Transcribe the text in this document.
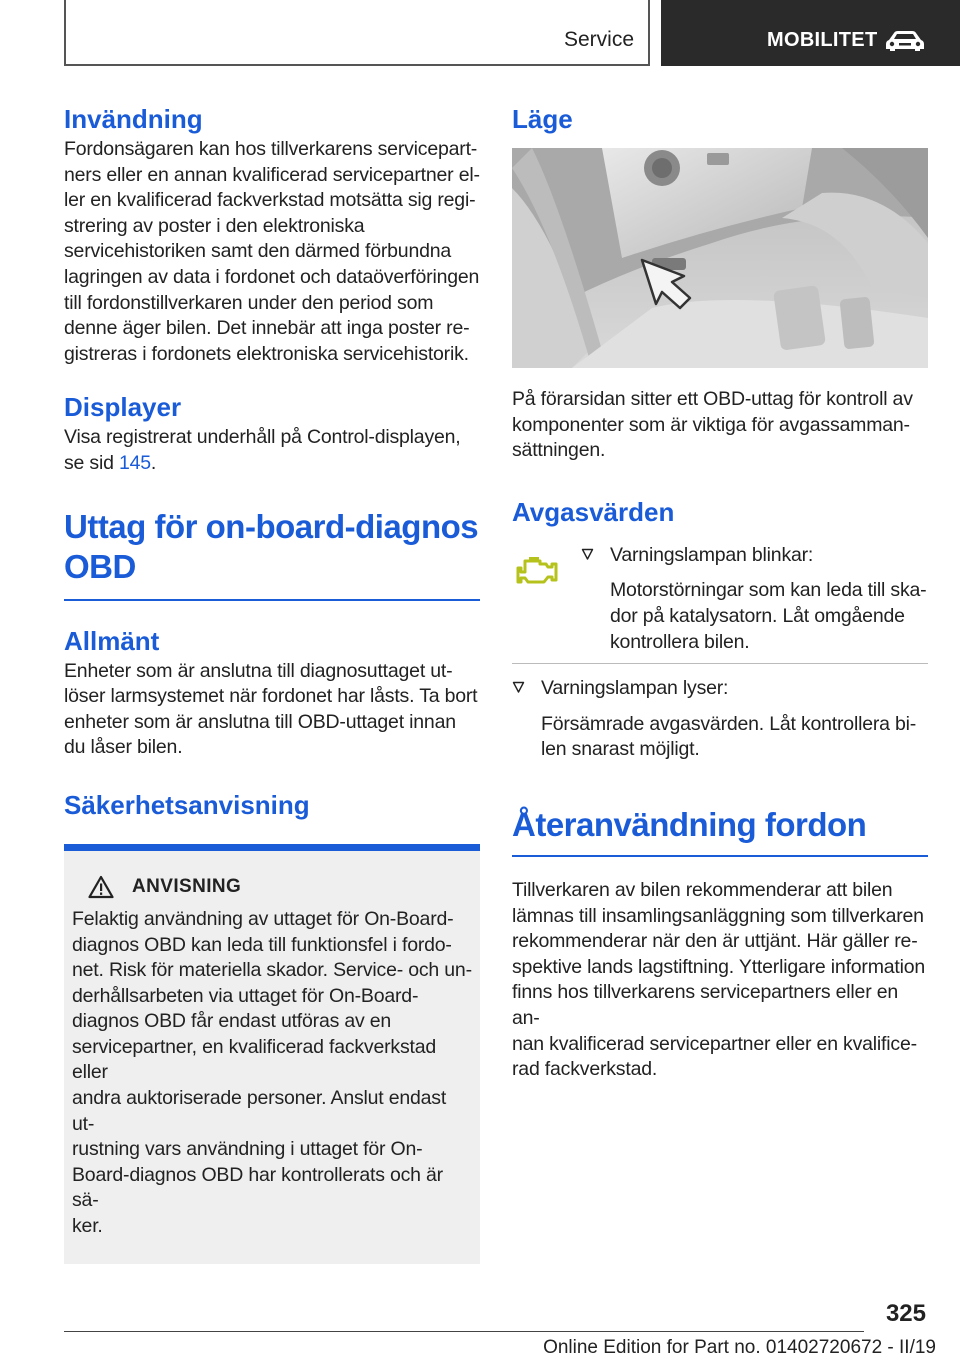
Service	MOBILITET
Invändning

Fordonsägaren kan hos tillverkarens servicepart-
ners eller en annan kvalificerad servicepartner el-
ler en kvalificerad fackverkstad motsätta sig regi-
strering av poster i den elektroniska
servicehistoriken samt den därmed förbundna
lagringen av data i fordonet och dataöverföringen
till fordonstillverkaren under den period som
denne äger bilen. Det innebär att inga poster re-
gistreras i fordonets elektroniska servicehistorik.

Displayer

Visa registrerat underhåll på Control-displayen,
se sid 145.

Uttag för on-board-diagnos OBD
Allmänt

Enheter som är anslutna till diagnosuttaget ut-
löser larmsystemet när fordonet har låsts. Ta bort
enheter som är anslutna till OBD-uttaget innan
du låser bilen.

Säkerhetsanvisning
ANVISNING

Felaktig användning av uttaget för On-Board-
diagnos OBD kan leda till funktionsfel i fordo-
net. Risk för materiella skador. Service- och un-
derhållsarbeten via uttaget för On-Board-
diagnos OBD får endast utföras av en
servicepartner, en kvalificerad fackverkstad eller
andra auktoriserade personer. Anslut endast ut-
rustning vars användning i uttaget för On-
Board-diagnos OBD har kontrollerats och är sä-
ker.

Läge

På förarsidan sitter ett OBD-uttag för kontroll av
komponenter som är viktiga för avgassamman-
sättningen.

Avgasvärden

Varningslampan blinkar:

Motorstörningar som kan leda till ska-
dor på katalysatorn. Låt omgående
kontrollera bilen.

Varningslampan lyser:

Försämrade avgasvärden. Låt kontrollera bi-
len snarast möjligt.

Återanvändning fordon

Tillverkaren av bilen rekommenderar att bilen
lämnas till insamlingsanläggning som tillverkaren
rekommenderar när den är uttjänt. Här gäller re-
spektive lands lagstiftning. Ytterligare information
finns hos tillverkarens servicepartners eller en an-
nan kvalificerad servicepartner eller en kvalifice-
rad fackverkstad.

325
Online Edition for Part no. 01402720672 - II/19
